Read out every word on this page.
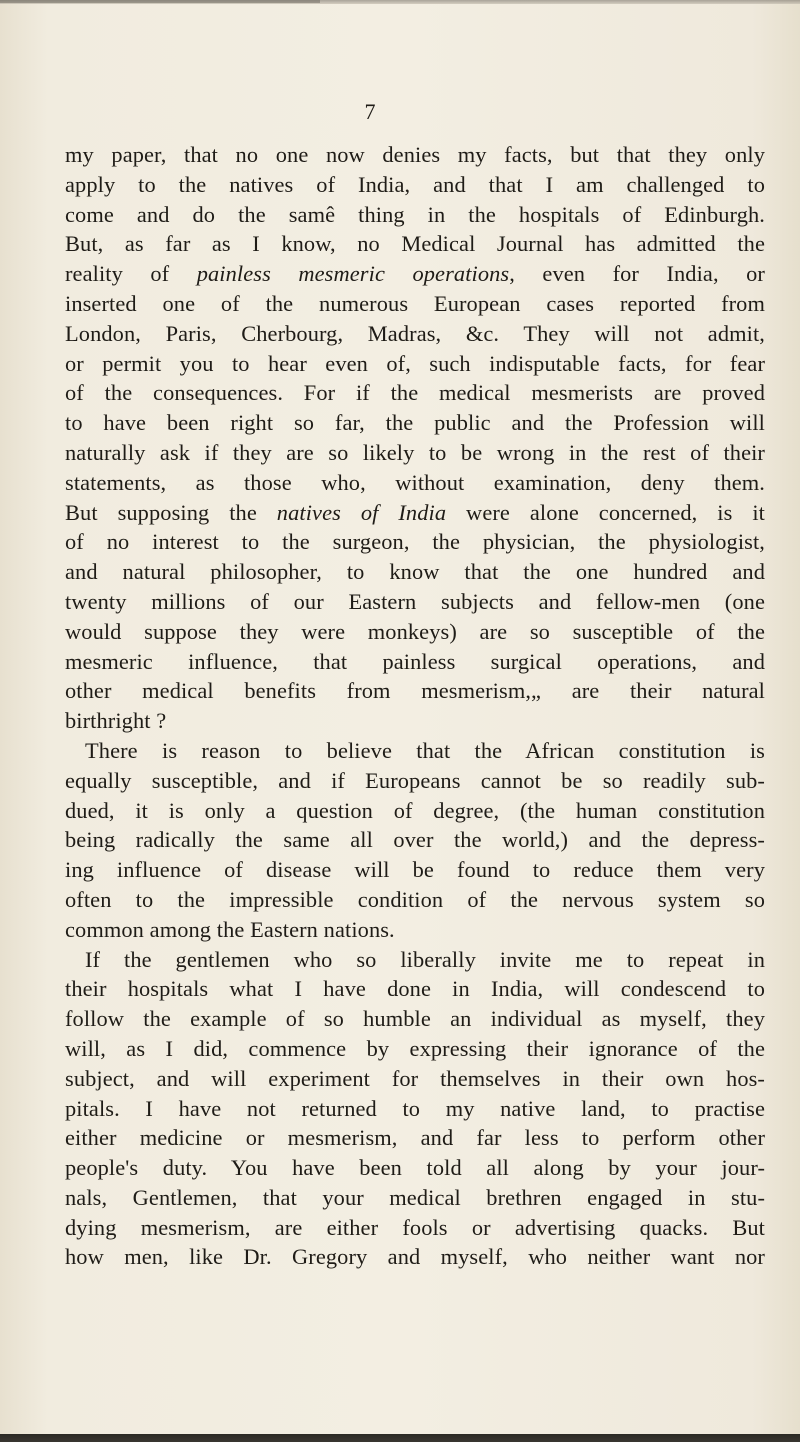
7
my paper, that no one now denies my facts, but that they only
apply to the natives of India, and that I am challenged to
come and do the samê thing in the hospitals of Edinburgh.
But, as far as I know, no Medical Journal has admitted the
reality of painless mesmeric operations, even for India, or
inserted one of the numerous European cases reported from
London, Paris, Cherbourg, Madras, &c. They will not admit,
or permit you to hear even of, such indisputable facts, for fear
of the consequences. For if the medical mesmerists are proved
to have been right so far, the public and the Profession will
naturally ask if they are so likely to be wrong in the rest of their
statements, as those who, without examination, deny them.
But supposing the natives of India were alone concerned, is it
of no interest to the surgeon, the physician, the physiologist,
and natural philosopher, to know that the one hundred and
twenty millions of our Eastern subjects and fellow-men (one
would suppose they were monkeys) are so susceptible of the
mesmeric influence, that painless surgical operations, and
other medical benefits from mesmerism,„ are their natural
birthright ?
There is reason to believe that the African constitution is
equally susceptible, and if Europeans cannot be so readily sub-
dued, it is only a question of degree, (the human constitution
being radically the same all over the world,) and the depress-
ing influence of disease will be found to reduce them very
often to the impressible condition of the nervous system so
common among the Eastern nations.
If the gentlemen who so liberally invite me to repeat in
their hospitals what I have done in India, will condescend to
follow the example of so humble an individual as myself, they
will, as I did, commence by expressing their ignorance of the
subject, and will experiment for themselves in their own hos-
pitals. I have not returned to my native land, to practise
either medicine or mesmerism, and far less to perform other
people's duty. You have been told all along by your jour-
nals, Gentlemen, that your medical brethren engaged in stu-
dying mesmerism, are either fools or advertising quacks. But
how men, like Dr. Gregory and myself, who neither want nor
